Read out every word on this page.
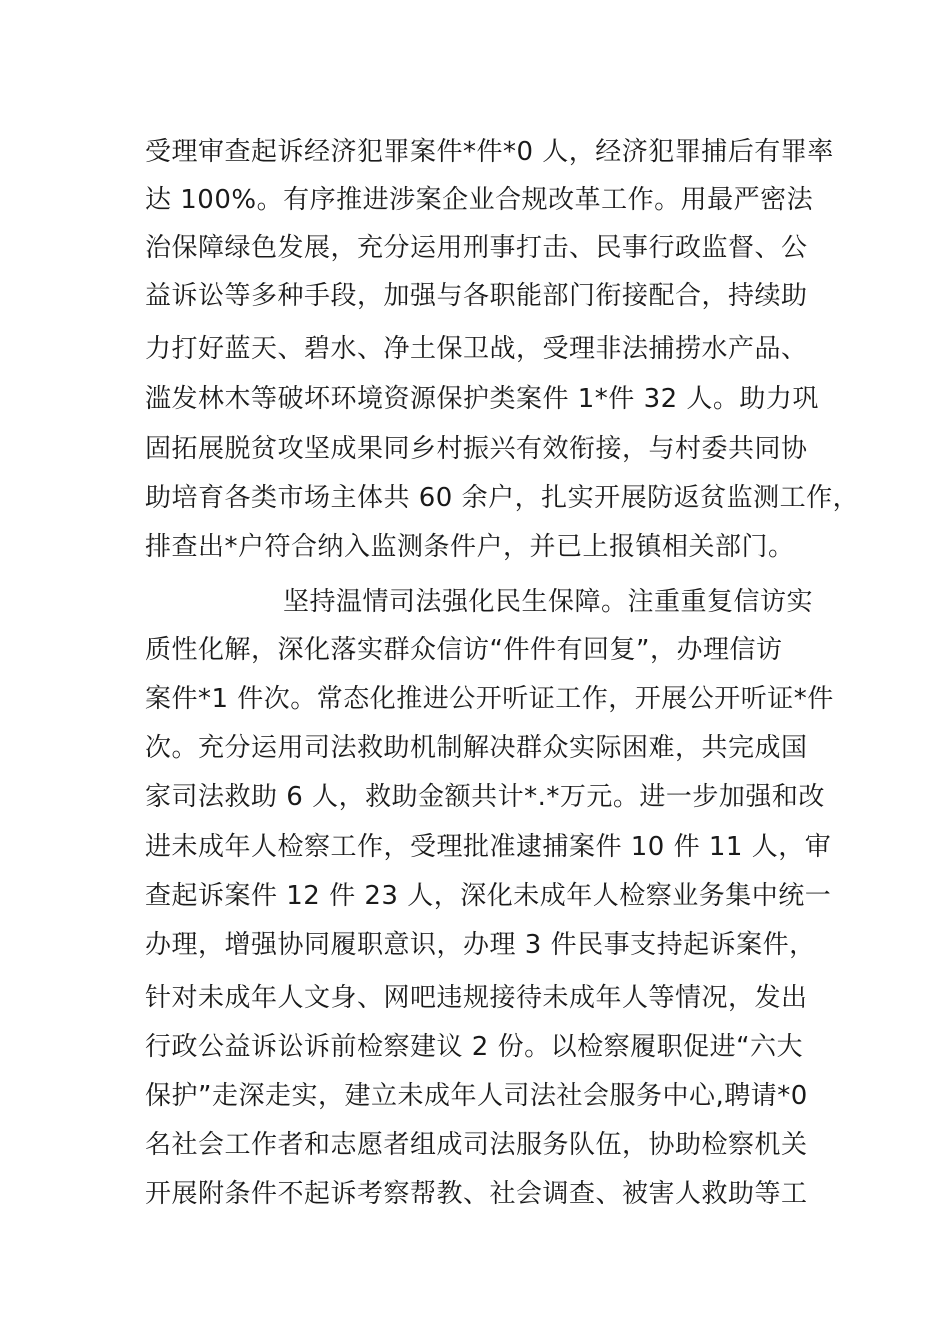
受理审查起诉经济犯罪案件*件*0 人，经济犯罪捕后有罪率
达 100%。有序推进涉案企业合规改革工作。用最严密法
治保障绿色发展，充分运用刑事打击、民事行政监督、公
益诉讼等多种手段，加强与各职能部门衔接配合，持续助
力打好蓝天、碧水、净土保卫战，受理非法捕捞水产品、
滥发林木等破坏环境资源保护类案件 1*件 32 人。助力巩
固拓展脱贫攻坚成果同乡村振兴有效衔接，与村委共同协
助培育各类市场主体共 60 余户，扎实开展防返贫监测工作，
排查出*户符合纳入监测条件户，并已上报镇相关部门。
坚持温情司法强化民生保障。注重重复信访实
质性化解，深化落实群众信访“件件有回复”，办理信访
案件*1 件次。常态化推进公开听证工作，开展公开听证*件
次。充分运用司法救助机制解决群众实际困难，共完成国
家司法救助 6 人，救助金额共计*.*万元。进一步加强和改
进未成年人检察工作，受理批准逮捕案件 10 件 11 人，审
查起诉案件 12 件 23 人，深化未成年人检察业务集中统一
办理，增强协同履职意识，办理 3 件民事支持起诉案件，
针对未成年人文身、网吧违规接待未成年人等情况，发出
行政公益诉讼诉前检察建议 2 份。以检察履职促进“六大
保护”走深走实，建立未成年人司法社会服务中心,聘请*0
名社会工作者和志愿者组成司法服务队伍，协助检察机关
开展附条件不起诉考察帮教、社会调查、被害人救助等工
